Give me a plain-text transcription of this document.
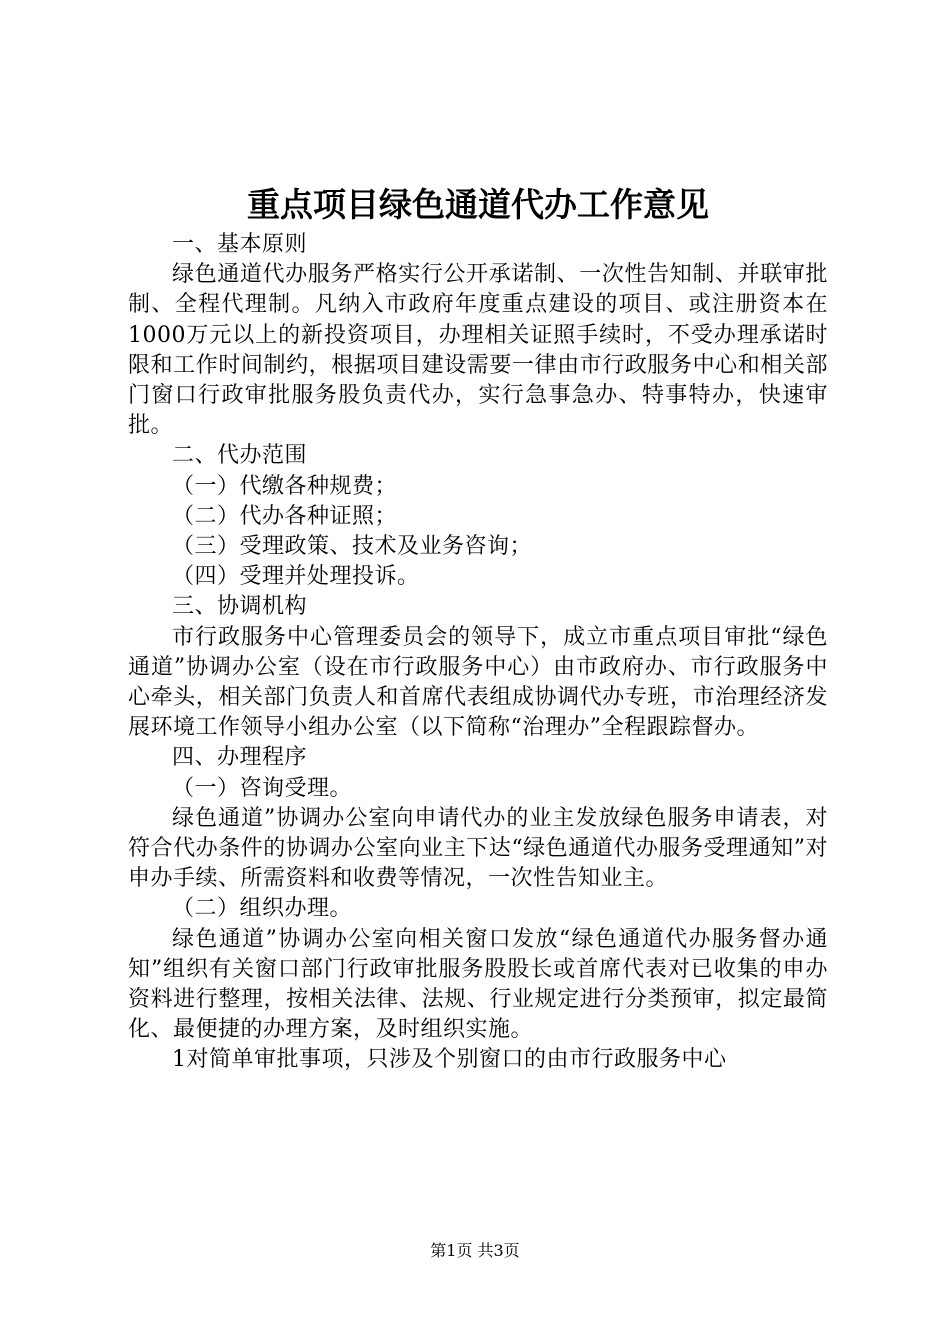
重点项目绿色通道代办工作意见

一、基本原则

绿色通道代办服务严格实行公开承诺制、一次性告知制、并联审批制、全程代理制。凡纳入市政府年度重点建设的项目、或注册资本在1000万元以上的新投资项目，办理相关证照手续时，不受办理承诺时限和工作时间制约，根据项目建设需要一律由市行政服务中心和相关部门窗口行政审批服务股负责代办，实行急事急办、特事特办，快速审批。

二、代办范围

（一）代缴各种规费；

（二）代办各种证照；

（三）受理政策、技术及业务咨询；

（四）受理并处理投诉。

三、协调机构

市行政服务中心管理委员会的领导下，成立市重点项目审批“绿色通道”协调办公室（设在市行政服务中心）由市政府办、市行政服务中心牵头，相关部门负责人和首席代表组成协调代办专班，市治理经济发展环境工作领导小组办公室（以下简称“治理办”全程跟踪督办。

四、办理程序

（一）咨询受理。

绿色通道”协调办公室向申请代办的业主发放绿色服务申请表，对符合代办条件的协调办公室向业主下达“绿色通道代办服务受理通知”对申办手续、所需资料和收费等情况，一次性告知业主。

（二）组织办理。

绿色通道”协调办公室向相关窗口发放“绿色通道代办服务督办通知”组织有关窗口部门行政审批服务股股长或首席代表对已收集的申办资料进行整理，按相关法律、法规、行业规定进行分类预审，拟定最简化、最便捷的办理方案，及时组织实施。

1对简单审批事项，只涉及个别窗口的由市行政服务中心

第1页 共3页
